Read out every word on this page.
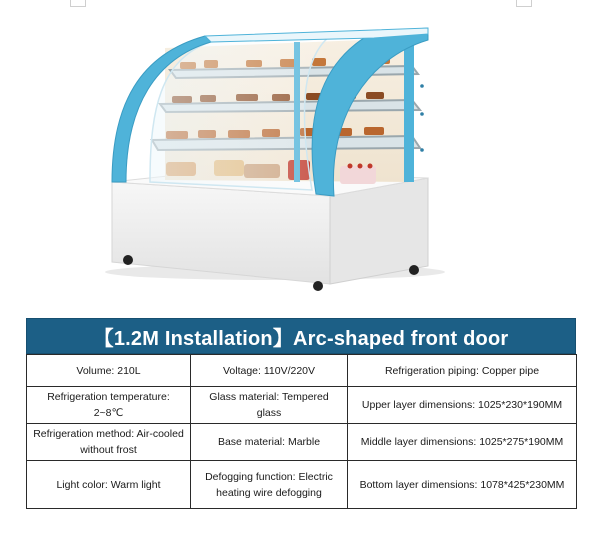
【1.2M Installation】Arc-shaped front door
Volume: 210L	Voltage: 110V/220V	Refrigeration piping: Copper pipe
Refrigeration temperature: 2~8℃	Glass material: Tempered glass	Upper layer dimensions: 1025*230*190MM
Refrigeration method: Air-cooled without frost	Base material: Marble	Middle layer dimensions: 1025*275*190MM
Light color: Warm light	Defogging function: Electric heating wire defogging	Bottom layer dimensions: 1078*425*230MM
